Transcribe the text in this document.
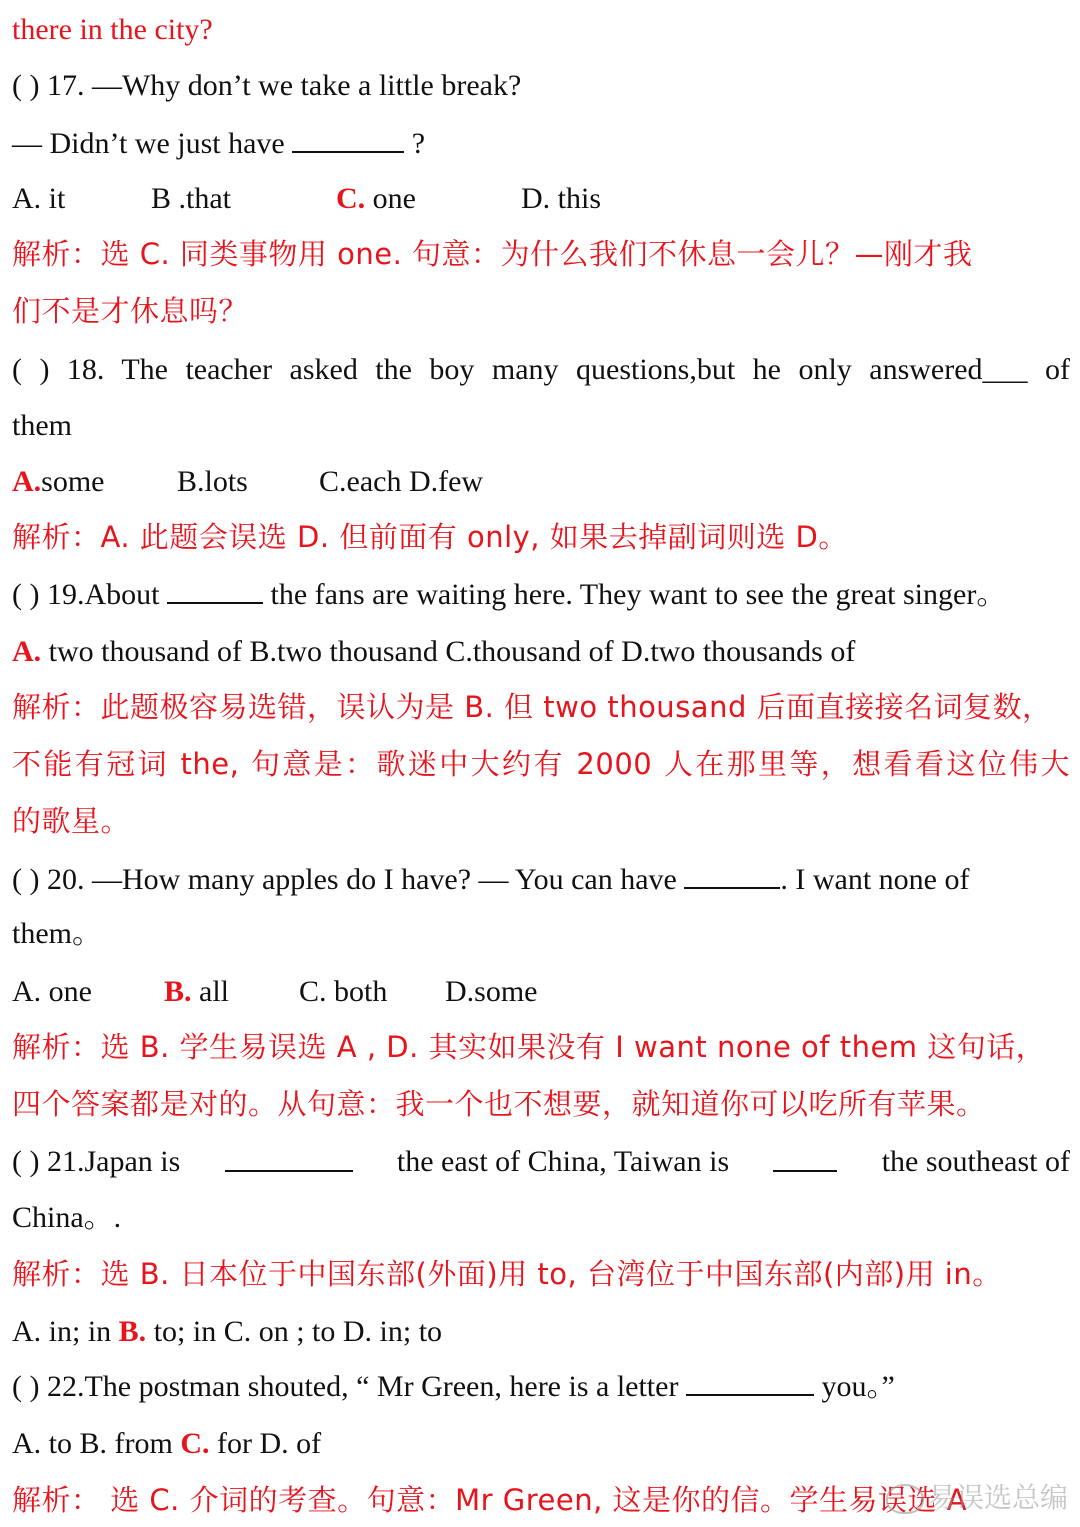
there in the city?
( ) 17. —Why don’t we take a little break?
— Didn’t we just have	?
A. it	B .that	C. one	D. this
解析：选 C. 同类事物用 one. 句意：为什么我们不休息一会儿？—刚才我
们不是才休息吗？
( ) 18. The teacher asked the boy many questions,but he only answered___ of
them
A.some B.lots C.each D.few
解析：A. 此题会误选 D. 但前面有 only, 如果去掉副词则选 D。
( ) 19.About	the fans are waiting here. They want to see the great singer。
A. two thousand of B.two thousand C.thousand of D.two thousands of
解析：此题极容易选错，误认为是 B. 但 two thousand 后面直接接名词复数，
不能有冠词 the, 句意是：歌迷中大约有 2000 人在那里等，想看看这位伟大
的歌星。
( ) 20. —How many apples do I have? — You can have	. I want none of
them。
A. one B. all C. both D.some
解析：选 B. 学生易误选 A , D. 其实如果没有 I want none of them 这句话，
四个答案都是对的。从句意：我一个也不想要，就知道你可以吃所有苹果。
( ) 21.Japan is	the east of China, Taiwan is	the southeast of
China。.
解析：选 B. 日本位于中国东部(外面)用 to, 台湾位于中国东部(内部)用 in。
A. in; in B. to; in C. on ; to D. in; to
( ) 22.The postman shouted, “ Mr Green, here is a letter	you。”
A. to B. from C. for D. of
解析： 选 C. 介词的考查。句意：Mr Green, 这是你的信。学生易误选 A
易误选总编
